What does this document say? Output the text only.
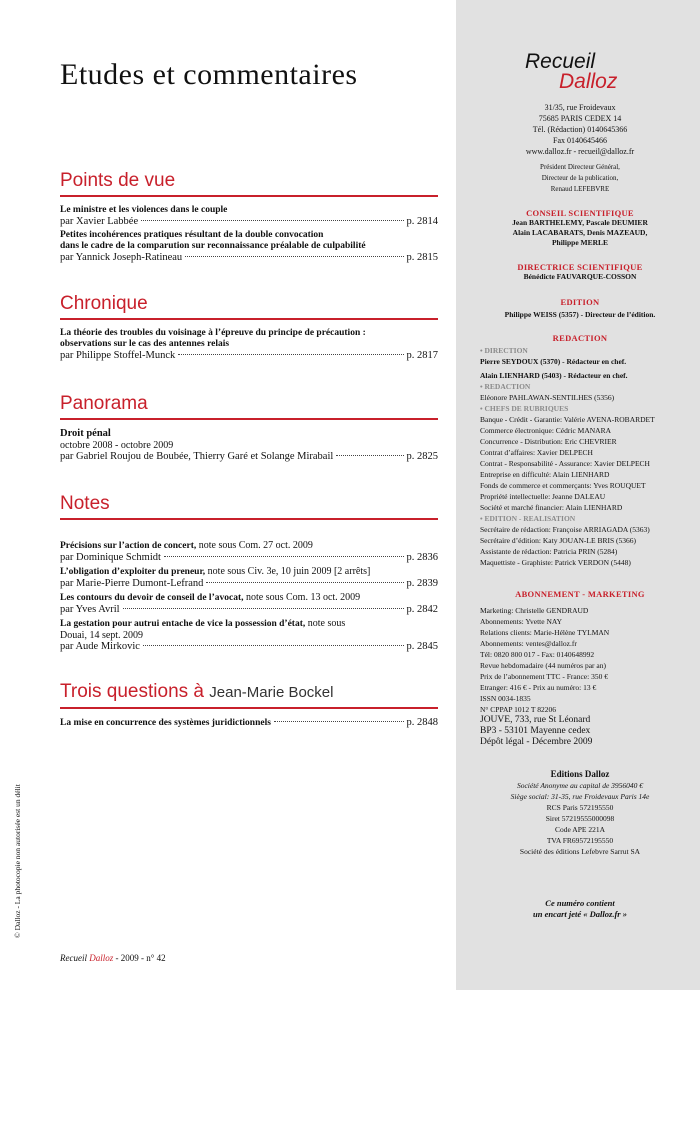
Etudes et commentaires
Points de vue
Le ministre et les violences dans le couple
par Xavier Labbée	p. 2814
Petites incohérences pratiques résultant de la double convocation
dans le cadre de la comparution sur reconnaissance préalable de culpabilité
par Yannick Joseph-Ratineau	p. 2815
Chronique
La théorie des troubles du voisinage à l’épreuve du principe de précaution :
observations sur le cas des antennes relais
par Philippe Stoffel-Munck	p. 2817
Panorama
Droit pénal
octobre 2008 - octobre 2009
par Gabriel Roujou de Boubée, Thierry Garé et Solange Mirabail	p. 2825
Notes
Précisions sur l’action de concert, note sous Com. 27 oct. 2009
par Dominique Schmidt	p. 2836
L’obligation d’exploiter du preneur, note sous Civ. 3e, 10 juin 2009 [2 arrêts]
par Marie-Pierre Dumont-Lefrand	p. 2839
Les contours du devoir de conseil de l’avocat, note sous Com. 13 oct. 2009
par Yves Avril	p. 2842
La gestation pour autrui entache de vice la possession d’état, note sous
Douai, 14 sept. 2009
par Aude Mirkovic	p. 2845
Trois questions à Jean-Marie Bockel
La mise en concurrence des systèmes juridictionnels	p. 2848
© Dalloz - La photocopie non autorisée est un délit
Recueil Dalloz - 2009 - n° 42
Recueil
Dalloz
31/35, rue Froidevaux
75685 PARIS CEDEX 14
Tél. (Rédaction) 0140645366
Fax 0140645466
www.dalloz.fr - recueil@dalloz.fr
Président Directeur Général,
Directeur de la publication,
Renaud LEFEBVRE
CONSEIL SCIENTIFIQUE
Jean BARTHELEMY, Pascale DEUMIER
Alain LACABARATS, Denis MAZEAUD,
Philippe MERLE
DIRECTRICE SCIENTIFIQUE
Bénédicte FAUVARQUE-COSSON
EDITION
Philippe WEISS (5357) - Directeur de l’édition.
REDACTION
• DIRECTION
Pierre SEYDOUX (5370) - Rédacteur en chef.
Alain LIENHARD (5403) - Rédacteur en chef.
• REDACTION
Eléonore PAHLAWAN-SENTILHES (5356)
• CHEFS DE RUBRIQUES
Banque - Crédit - Garantie: Valérie AVENA-ROBARDET
Commerce électronique: Cédric MANARA
Concurrence - Distribution: Eric CHEVRIER
Contrat d’affaires: Xavier DELPECH
Contrat - Responsabilité - Assurance: Xavier DELPECH
Entreprise en difficulté: Alain LIENHARD
Fonds de commerce et commerçants: Yves ROUQUET
Propriété intellectuelle: Jeanne DALEAU
Société et marché financier: Alain LIENHARD
• EDITION - REALISATION
Secrétaire de rédaction: Françoise ARRIAGADA (5363)
Secrétaire d’édition: Katy JOUAN-LE BRIS (5366)
Assistante de rédaction: Patricia PRIN (5284)
Maquettiste - Graphiste: Patrick VERDON (5448)
ABONNEMENT - MARKETING
Marketing: Christelle GENDRAUD
Abonnements: Yvette NAY
Relations clients: Marie-Hélène TYLMAN
Abonnements: ventes@dalloz.fr
Tél: 0820 800 017 - Fax: 0140648992
Revue hebdomadaire (44 numéros par an)
Prix de l’abonnement TTC - France: 350 €
Etranger: 416 € - Prix au numéro: 13 €
ISSN 0034-1835
N° CPPAP 1012 T 82206
JOUVE, 733, rue St Léonard
BP3 - 53101 Mayenne cedex
Dépôt légal - Décembre 2009
Editions Dalloz
Société Anonyme au capital de 3956040 €
Siège social: 31-35, rue Froidevaux Paris 14e
RCS Paris 572195550
Siret 57219555000098
Code APE 221A
TVA FR69572195550
Société des éditions Lefebvre Sarrut SA
Ce numéro contient
un encart jeté « Dalloz.fr »
